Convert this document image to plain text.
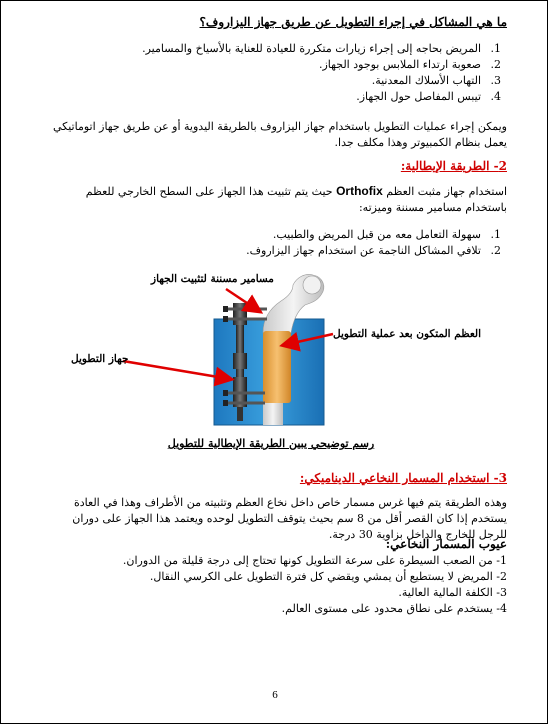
ما هي المشاكل في إجراء التطويل عن طريق جهاز اليزاروف؟
1. المريض بحاجه إلى إجراء زيارات متكررة للعيادة للعناية بالأسياخ والمسامير.
2. صعوبة ارتداء الملابس بوجود الجهاز.
3. التهاب الأسلاك المعدنية.
4. تيبس المفاصل حول الجهاز.
ويمكن إجراء عمليات التطويل باستخدام جهاز اليزاروف بالطريقة اليدوية أو عن طريق جهاز اتوماتيكي يعمل بنظام الكمبيوتر وهذا مكلف جدا.
2- الطريقة الإيطالية:
استخدام جهاز مثبت العظم Orthofix حيث يتم تثبيت هذا الجهاز على السطح الخارجي للعظم باستخدام مسامير مسننة وميزته:
1. سهولة التعامل معه من قبل المريض والطبيب.
2. تلافي المشاكل الناجمة عن استخدام جهاز اليزاروف.
مسامير مسننة لتثبيت الجهاز
العظم المتكون بعد عملية التطويل
جهاز التطويل
رسم توضيحي يبين الطريقة الإيطالية للتطويل
3- استخدام المسمار النخاعي الديناميكي:
وهذه الطريقة يتم فيها غرس مسمار خاص داخل نخاع العظم وتثبيته من الأطراف وهذا في العادة يستخدم إذا كان القصر أقل من 8 سم بحيث يتوقف التطويل لوحده ويعتمد هذا الجهاز على دوران للرجل للخارج والداخل بزاوية 30 درجة.
عيوب المسمار النخاعي:
1- من الصعب السيطرة على سرعة التطويل كونها تحتاج إلى درجة قليلة من الدوران.
2- المريض لا يستطيع أن يمشي ويقضي كل فترة التطويل على الكرسي النقال.
3- الكلفة المالية العالية.
4- يستخدم على نطاق محدود على مستوى العالم.
6
